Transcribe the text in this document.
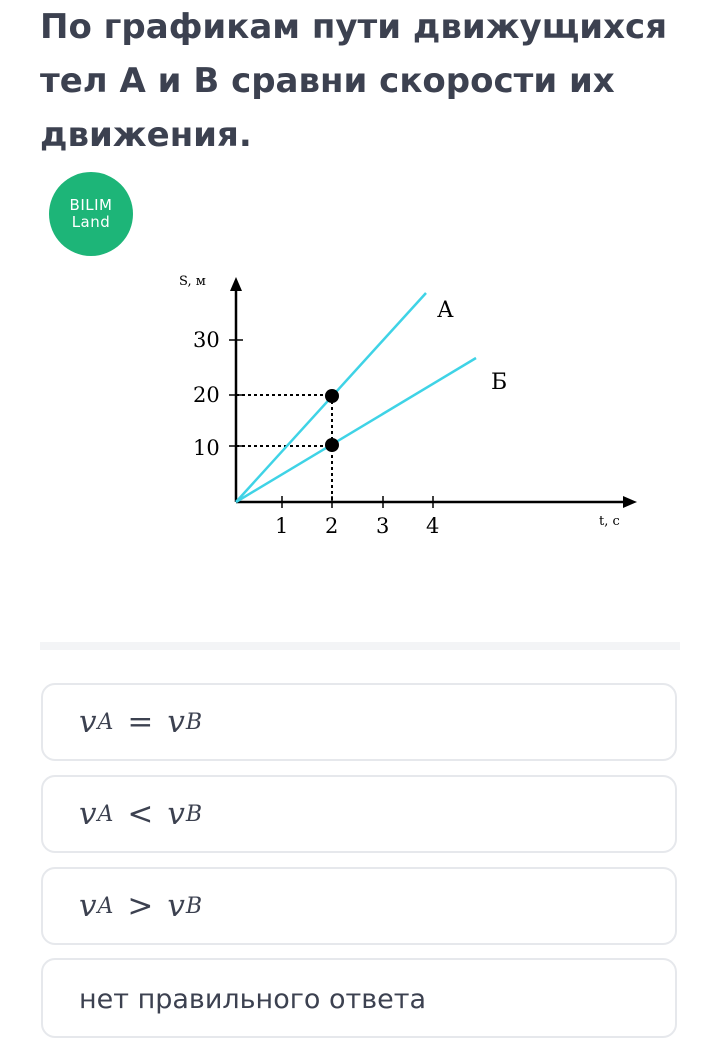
По графикам пути движущихся тел А и В сравни скорости их движения.
BILIM
Land
S, м
t, с
10
20
30
1 2 3 4
А
Б
v A = v B
v A < v B
v A > v B
нет правильного ответа
